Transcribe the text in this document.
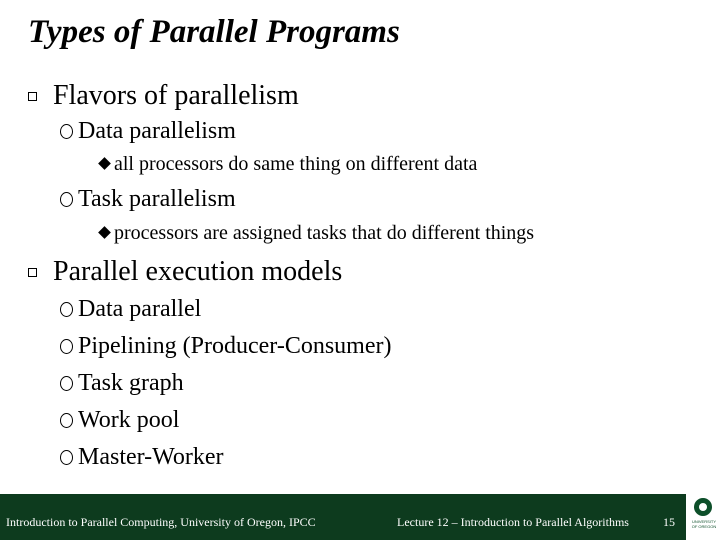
Types of Parallel Programs
Flavors of parallelism
Data parallelism
all processors do same thing on different data
Task parallelism
processors are assigned tasks that do different things
Parallel execution models
Data parallel
Pipelining (Producer-Consumer)
Task graph
Work pool
Master-Worker
Introduction to Parallel Computing, University of Oregon, IPCC	Lecture 12 – Introduction to Parallel Algorithms	15	UNIVERSITY OF OREGON
